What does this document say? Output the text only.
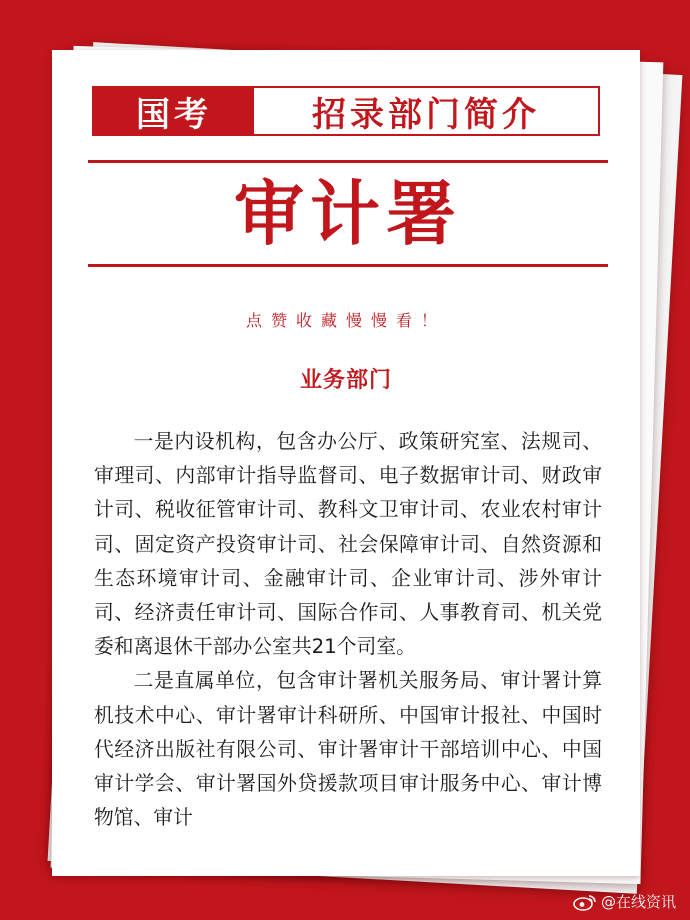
国考	招录部门简介
审计署
点赞收藏慢慢看！
业务部门

一是内设机构，包含办公厅、政策研究室、法规司、审理司、内部审计指导监督司、电子数据审计司、财政审计司、税收征管审计司、教科文卫审计司、农业农村审计司、固定资产投资审计司、社会保障审计司、自然资源和生态环境审计司、金融审计司、企业审计司、涉外审计司、经济责任审计司、国际合作司、人事教育司、机关党委和离退休干部办公室共21个司室。

二是直属单位，包含审计署机关服务局、审计署计算机技术中心、审计署审计科研所、中国审计报社、中国时代经济出版社有限公司、审计署审计干部培训中心、中国审计学会、审计署国外贷援款项目审计服务中心、审计博物馆、审计

@在线资讯
